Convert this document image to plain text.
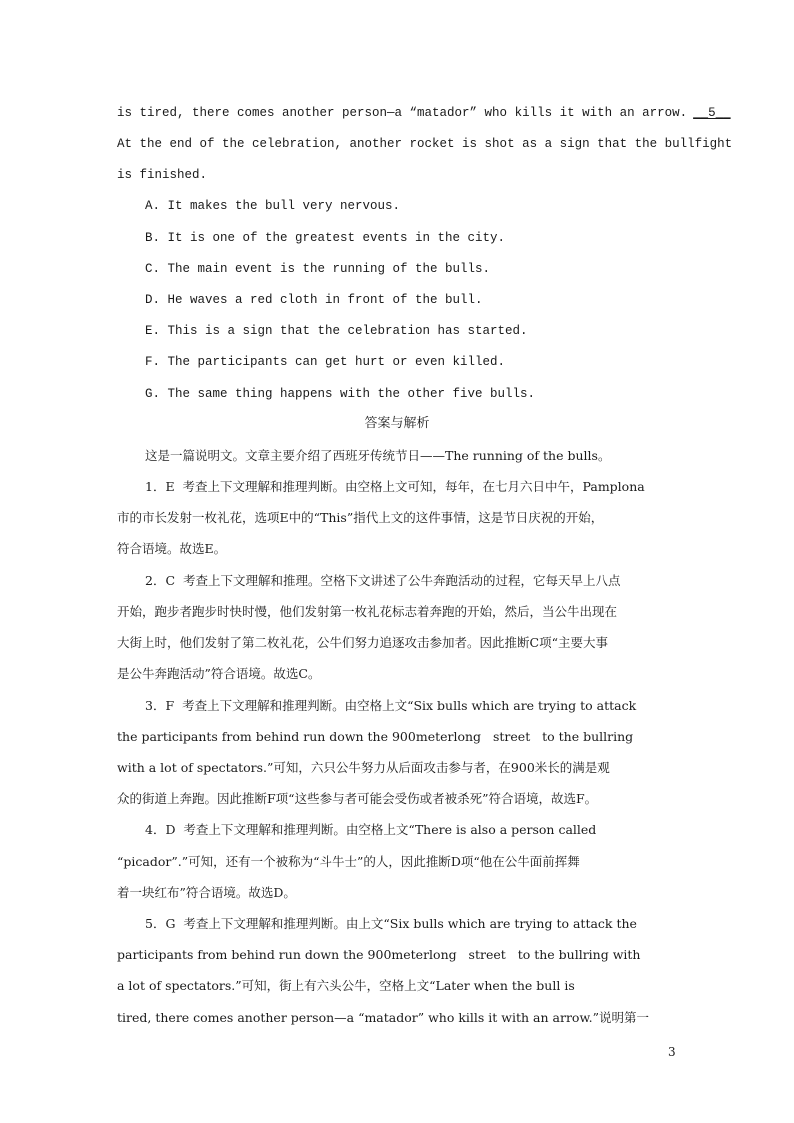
is tired, there comes another person—a “matador” who kills it with an arrow. __5__
At the end of the celebration, another rocket is shot as a sign that the bullfight
is finished.
A. It makes the bull very nervous.
B. It is one of the greatest events in the city.
C. The main event is the running of the bulls.
D. He waves a red cloth in front of the bull.
E. This is a sign that the celebration has started.
F. The participants can get hurt or even killed.
G. The same thing happens with the other five bulls.
答案与解析
这是一篇说明文。文章主要介绍了西班牙传统节日——The running of the bulls。
1．E  考查上下文理解和推理判断。由空格上文可知，每年，在七月六日中午，Pamplona
市的市长发射一枚礼花，选项E中的“This”指代上文的这件事情，这是节日庆祝的开始，
符合语境。故选E。
2．C  考查上下文理解和推理。空格下文讲述了公牛奔跑活动的过程，它每天早上八点
开始，跑步者跑步时快时慢，他们发射第一枚礼花标志着奔跑的开始，然后，当公牛出现在
大街上时，他们发射了第二枚礼花，公牛们努力追逐攻击参加者。因此推断C项“主要大事
是公牛奔跑活动”符合语境。故选C。
3．F  考查上下文理解和推理判断。由空格上文“Six bulls which are trying to attack
the participants from behind run down the 900meterlong   street   to the bullring
with a lot of spectators.”可知，六只公牛努力从后面攻击参与者，在900米长的满是观
众的街道上奔跑。因此推断F项“这些参与者可能会受伤或者被杀死”符合语境，故选F。
4．D  考查上下文理解和推理判断。由空格上文“There is also a person called
“picador”.”可知，还有一个被称为“斗牛士”的人，因此推断D项“他在公牛面前挥舞
着一块红布”符合语境。故选D。
5．G  考查上下文理解和推理判断。由上文“Six bulls which are trying to attack the
participants from behind run down the 900meterlong   street   to the bullring with
a lot of spectators.”可知，街上有六头公牛，空格上文“Later when the bull is
tired, there comes another person—a “matador” who kills it with an arrow.”说明第一
3
